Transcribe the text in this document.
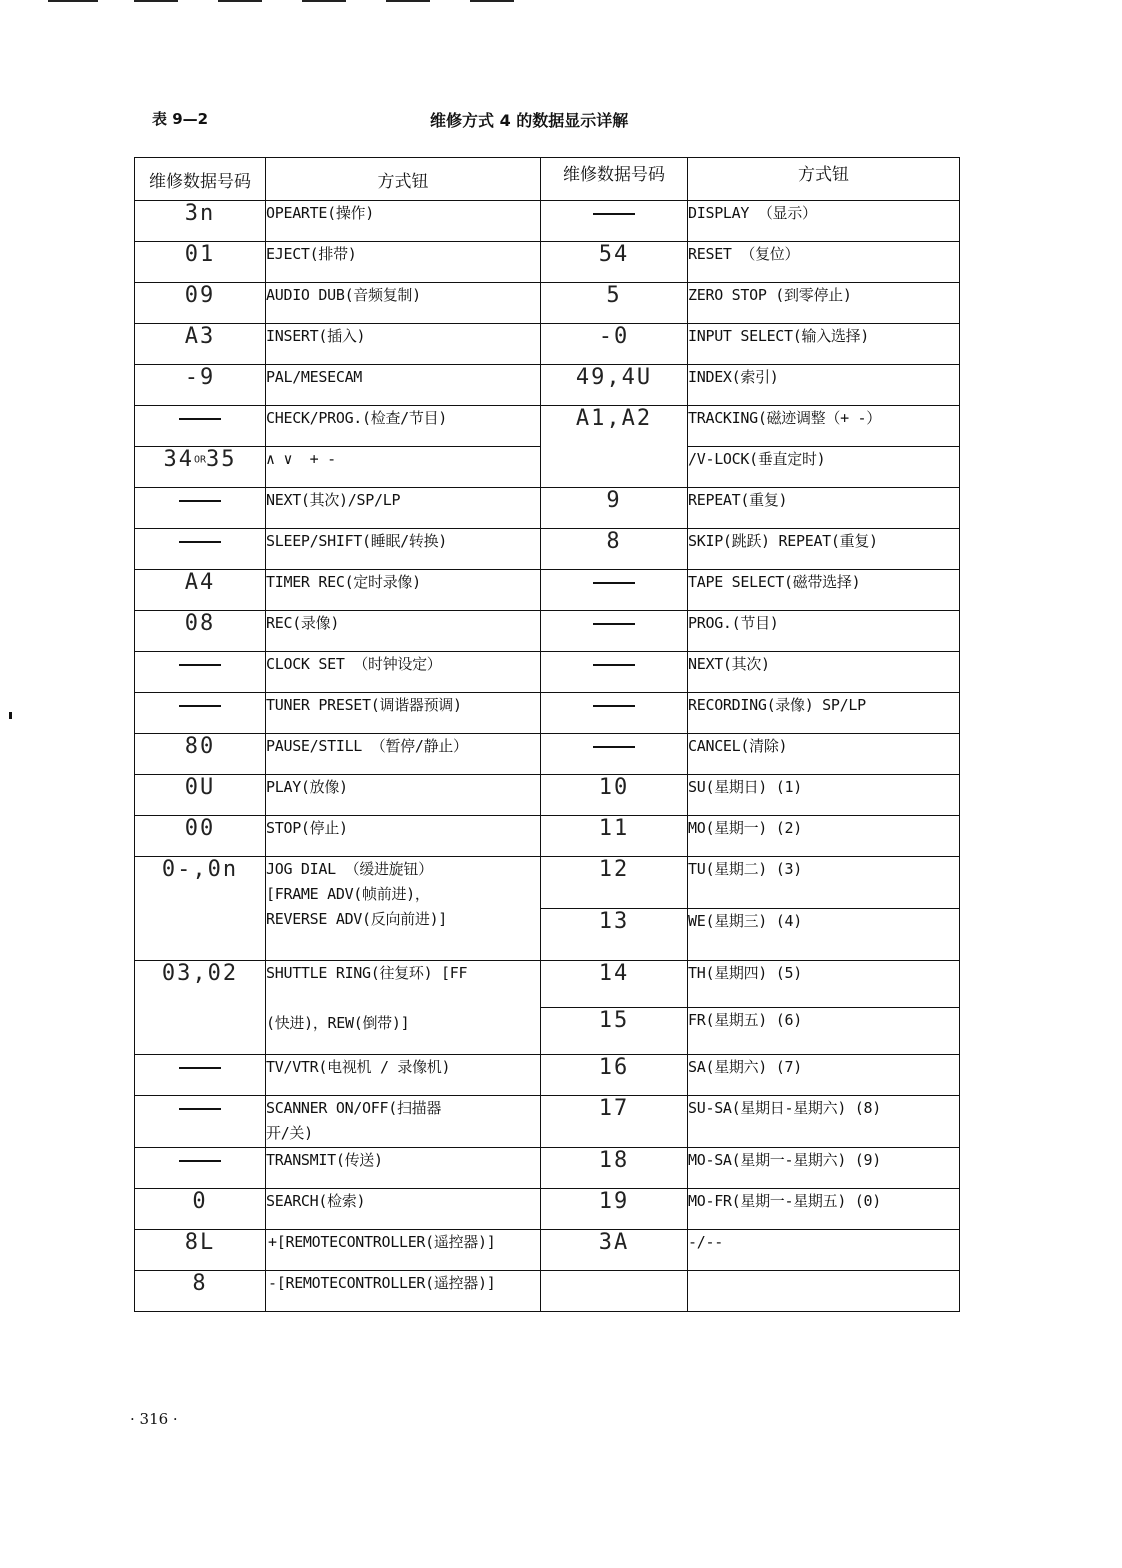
表 9—2	维修方式 4 的数据显示详解
维修数据号码	方式钮	维修数据号码	方式钮
3n	OPEARTE(操作)		DISPLAY （显示）
01	EJECT(排带)	54	RESET （复位）
09	AUDIO DUB(音频复制)	5	ZERO STOP (到零停止)
A3	INSERT(插入)	-0	INPUT SELECT(输入选择)
-9	PAL/MESECAM	49,4U	INDEX(索引)
	CHECK/PROG.(检查/节目)	A1,A2	TRACKING(磁迹调整（+ -）
34OR35	∧ ∨  + -		/V-LOCK(垂直定时)
	NEXT(其次)/SP/LP	9	REPEAT(重复)
	SLEEP/SHIFT(睡眠/转换)	8	SKIP(跳跃) REPEAT(重复)
A4	TIMER REC(定时录像)		TAPE SELECT(磁带选择)
08	REC(录像)		PROG.(节目)
	CLOCK SET （时钟设定）		NEXT(其次)
	TUNER PRESET(调谐器预调)		RECORDING(录像) SP/LP
80	PAUSE/STILL （暂停/静止）		CANCEL(清除)
0U	PLAY(放像)	10	SU(星期日) (1)
00	STOP(停止)	11	MO(星期一) (2)
0-,0n	JOG DIAL （缓进旋钮）
[FRAME ADV(帧前进)，
REVERSE ADV(反向前进)]	12	TU(星期二) (3)
		13	WE(星期三) (4)
03,02	SHUTTLE RING(往复环) [FF

(快进)，REW(倒带)]	14	TH(星期四) (5)
		15	FR(星期五) (6)
	TV/VTR(电视机 / 录像机)	16	SA(星期六) (7)
	SCANNER ON/OFF(扫描器
开/关)	17	SU-SA(星期日-星期六) (8)
	TRANSMIT(传送)	18	MO-SA(星期一-星期六) (9)
0	SEARCH(检索)	19	MO-FR(星期一-星期五) (0)
8L	+[REMOTECONTROLLER(遥控器)]	3A	-/--
8	-[REMOTECONTROLLER(遥控器)]		
· 316 ·
